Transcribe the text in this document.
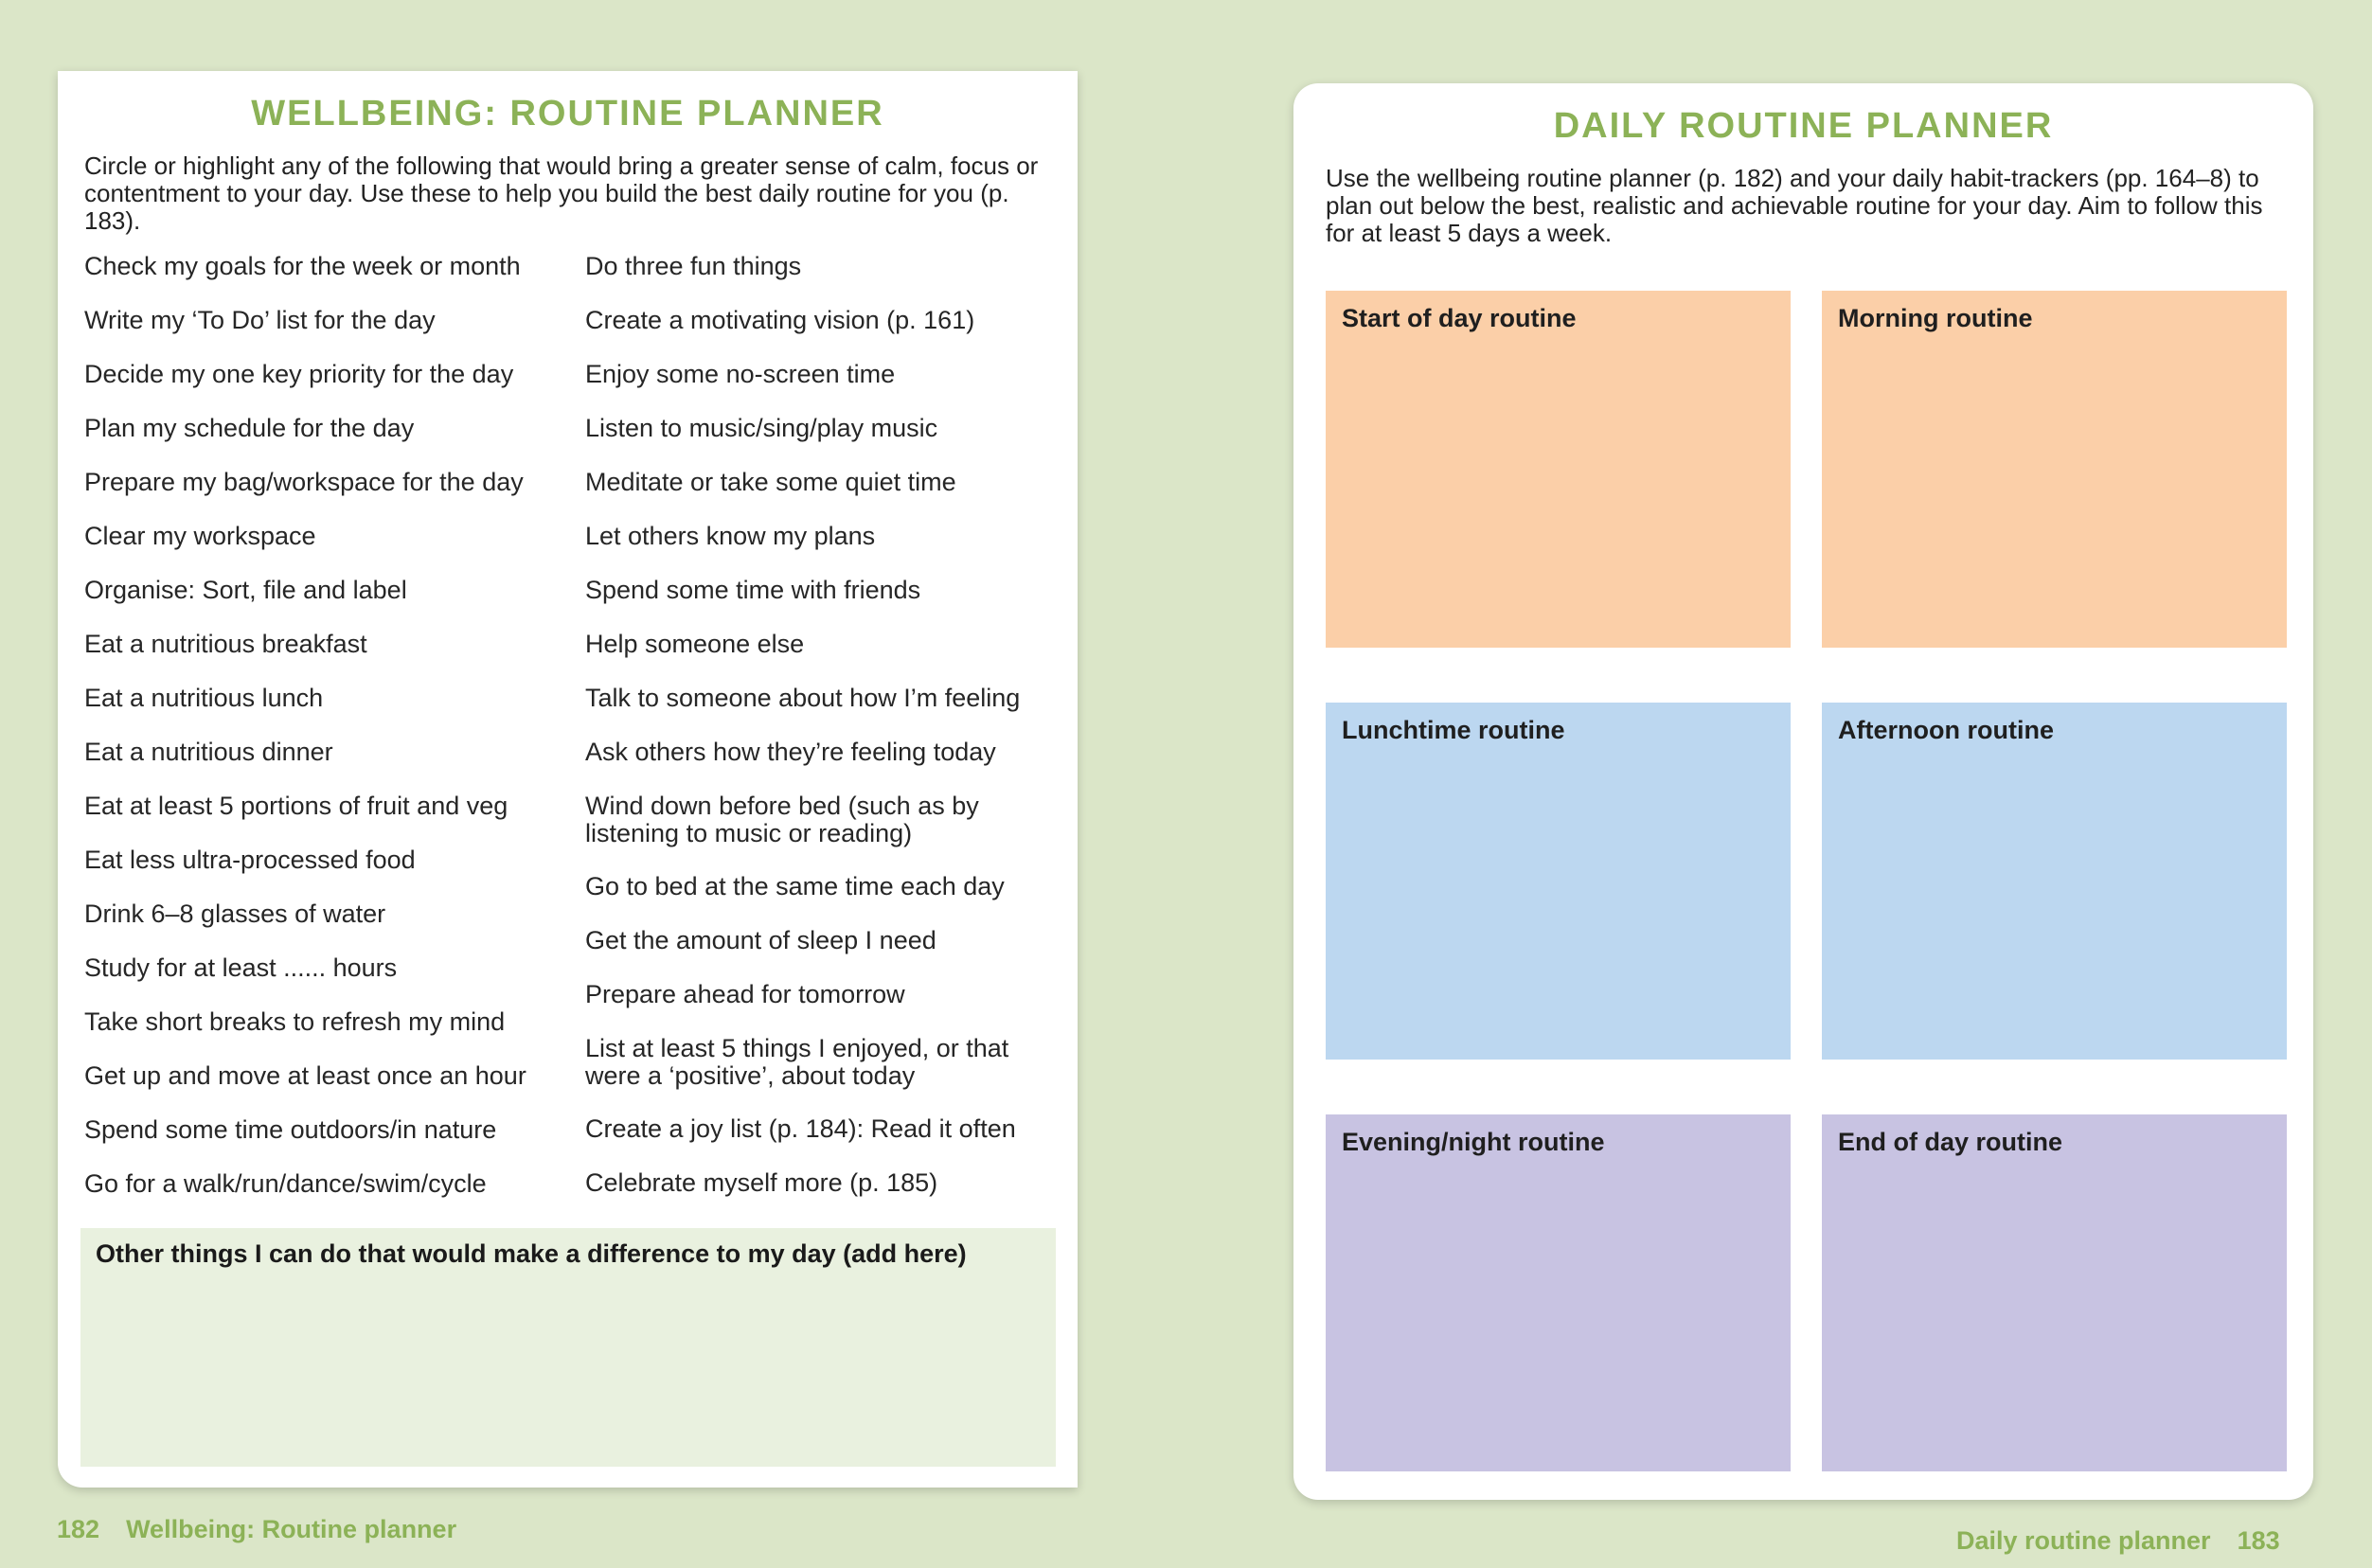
WELLBEING: ROUTINE PLANNER
Circle or highlight any of the following that would bring a greater sense of calm, focus or contentment to your day. Use these to help you build the best daily routine for you (p. 183).
Check my goals for the week or month
Write my ‘To Do’ list for the day
Decide my one key priority for the day
Plan my schedule for the day
Prepare my bag/workspace for the day
Clear my workspace
Organise: Sort, file and label
Eat a nutritious breakfast
Eat a nutritious lunch
Eat a nutritious dinner
Eat at least 5 portions of fruit and veg
Eat less ultra-processed food
Drink 6–8 glasses of water
Study for at least ...... hours
Take short breaks to refresh my mind
Get up and move at least once an hour
Spend some time outdoors/in nature
Go for a walk/run/dance/swim/cycle
Do three fun things
Create a motivating vision (p. 161)
Enjoy some no-screen time
Listen to music/sing/play music
Meditate or take some quiet time
Let others know my plans
Spend some time with friends
Help someone else
Talk to someone about how I’m feeling
Ask others how they’re feeling today
Wind down before bed (such as by listening to music or reading)
Go to bed at the same time each day
Get the amount of sleep I need
Prepare ahead for tomorrow
List at least 5 things I enjoyed, or that were a ‘positive’, about today
Create a joy list (p. 184): Read it often
Celebrate myself more (p. 185)
Other things I can do that would make a difference to my day (add here)
182 Wellbeing: Routine planner
DAILY ROUTINE PLANNER
Use the wellbeing routine planner (p. 182) and your daily habit-trackers (pp. 164–8) to plan out below the best, realistic and achievable routine for your day. Aim to follow this for at least 5 days a week.
Start of day routine	Morning routine
Lunchtime routine	Afternoon routine
Evening/night routine	End of day routine
Daily routine planner 183
